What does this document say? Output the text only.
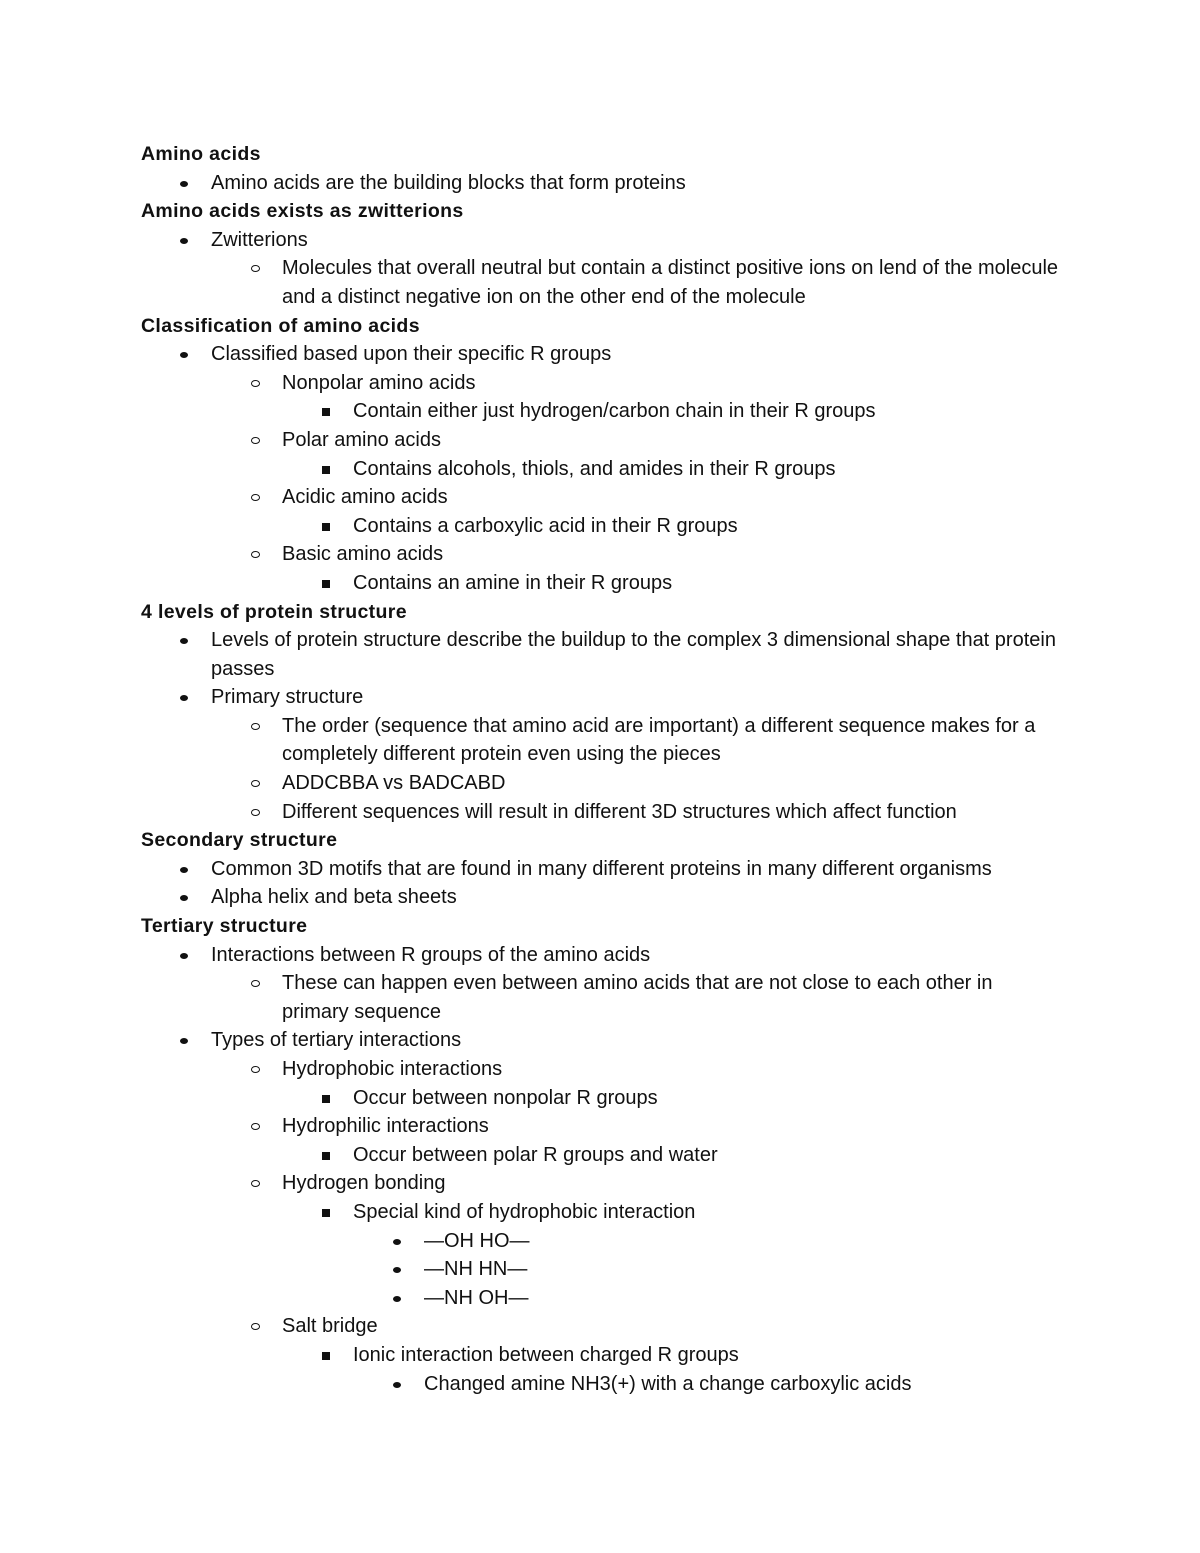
Amino acids
Amino acids are the building blocks that form proteins
Amino acids exists as zwitterions
Zwitterions
Molecules that overall neutral but contain a distinct positive ions on lend of the molecule and a distinct negative ion on the other end of the molecule
Classification of amino acids
Classified based upon their specific R groups
Nonpolar amino acids
Contain either just hydrogen/carbon chain in their R groups
Polar amino acids
Contains alcohols, thiols, and amides in their R groups
Acidic amino acids
Contains a carboxylic acid in their R groups
Basic amino acids
Contains an amine in their R groups
4 levels of protein structure
Levels of protein structure describe the buildup to the complex 3 dimensional shape that protein passes
Primary structure
The order (sequence that amino acid are important) a different sequence makes for a completely different protein even using the pieces
ADDCBBA vs BADCABD
Different sequences will result in different 3D structures which affect function
Secondary structure
Common 3D motifs that are found in many different proteins in many different organisms
Alpha helix and beta sheets
Tertiary structure
Interactions between R groups of the amino acids
These can happen even between amino acids that are not close to each other in primary sequence
Types of tertiary interactions
Hydrophobic interactions
Occur between nonpolar R groups
Hydrophilic interactions
Occur between polar R groups and water
Hydrogen bonding
Special kind of hydrophobic interaction
—OH HO—
—NH HN—
—NH OH—
Salt bridge
Ionic interaction between charged R groups
Changed amine NH3(+) with a change carboxylic acids
